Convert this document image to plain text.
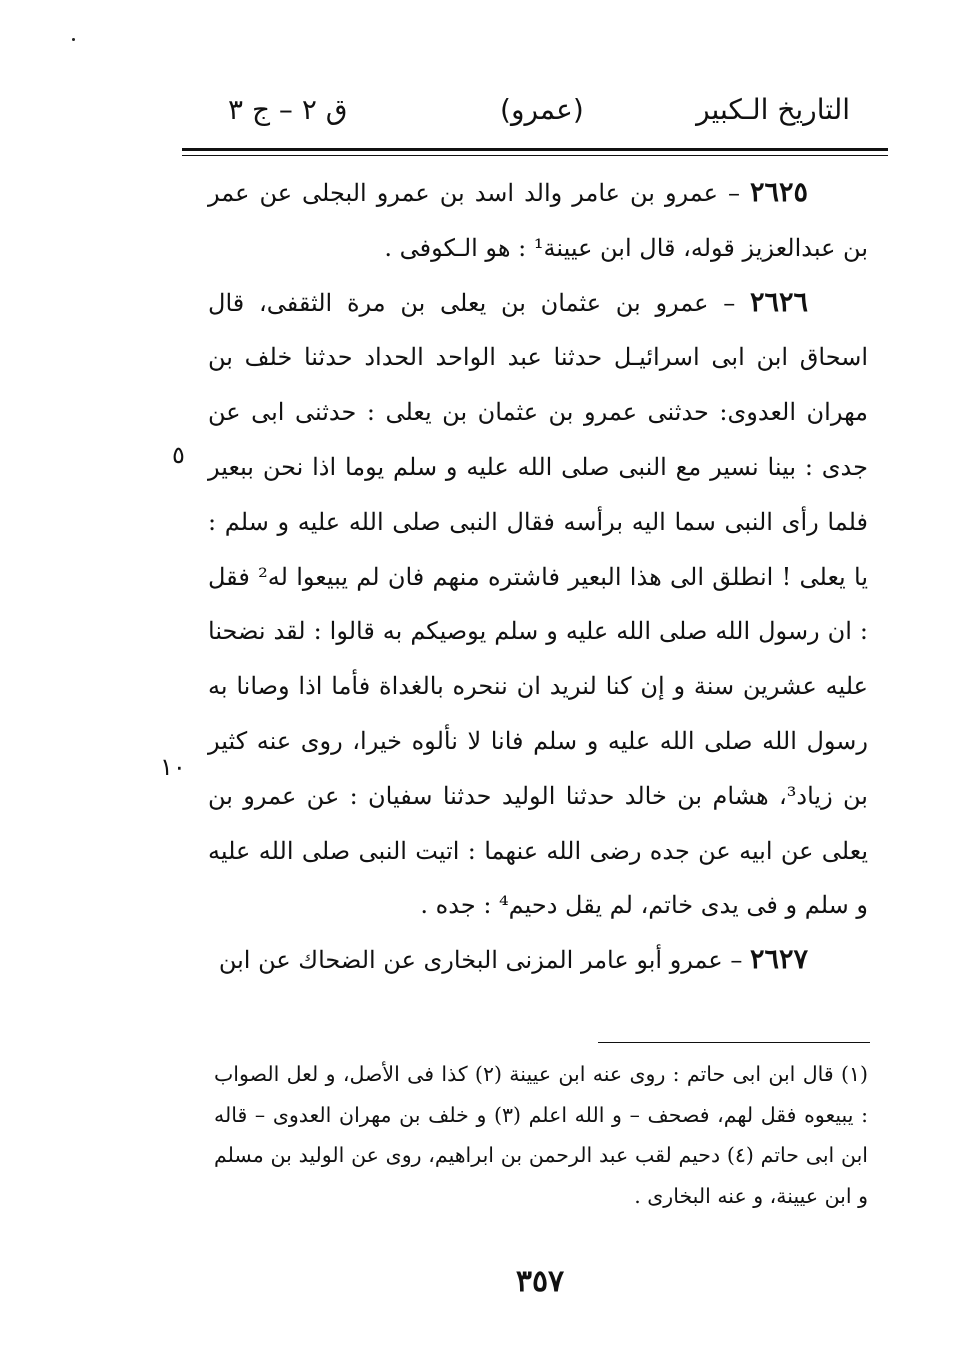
التاريخ الـكبير
(عمرو)
ق ٢ – ج ٣

٢٦٢٥ – عمرو بن عامر والد اسد بن عمرو البجلى عن عمر بن عبدالعزيز قوله، قال ابن عيينة¹ : هو الـكوفى .

٢٦٢٦ – عمرو بن عثمان بن يعلى بن مرة الثقفى، قال اسحاق ابن ابى اسرائيـل حدثنا عبد الواحد الحداد حدثنا خلف بن مهران العدوى: حدثنى عمرو بن عثمان بن يعلى : حدثنى ابى عن جدى : بينا نسير مع النبى صلى الله عليه و سلم يوما اذا نحن ببعير فلما رأى النبى سما اليه برأسه فقال النبى صلى الله عليه و سلم : يا يعلى ! انطلق الى هذا البعير فاشتره منهم فان لم يبيعوا له² فقل : ان رسول الله صلى الله عليه و سلم يوصيكم به قالوا : لقد نضحنا عليه عشرين سنة و إن كنا لنريد ان ننحره بالغداة فأما اذا وصانا به رسول الله صلى الله عليه و سلم فانا لا نألوه خيرا، روى عنه كثير بن زياد³، هشام بن خالد حدثنا الوليد حدثنا سفيان : عن عمرو بن يعلى عن ابيه عن جده رضى الله عنهما : اتيت النبى صلى الله عليه و سلم و فى يدى خاتم، لم يقل دحيم⁴ : جده .

٢٦٢٧ – عمرو أبو عامر المزنى البخارى عن الضحاك عن ابن

٥
١٠

(١) قال ابن ابى حاتم : روى عنه ابن عيينة (٢) كذا فى الأصل، و لعل الصواب : يبيعوه فقل لهم، فصحف – و الله اعلم (٣) و خلف بن مهران العدوى – قاله ابن ابى حاتم (٤) دحيم لقب عبد الرحمن بن ابراهيم، روى عن الوليد بن مسلم و ابن عيينة، و عنه البخارى .

٣٥٧
